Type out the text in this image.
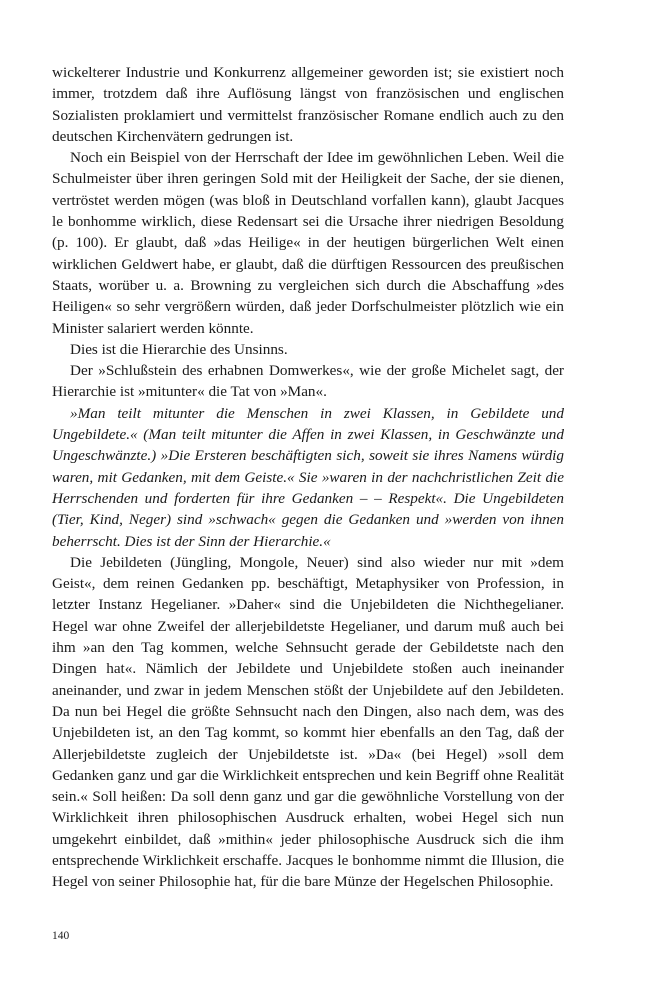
wickelterer Industrie und Konkurrenz allgemeiner geworden ist; sie existiert noch immer, trotzdem daß ihre Auflösung längst von französischen und englischen Sozialisten proklamiert und vermittelst französischer Romane endlich auch zu den deutschen Kirchenvätern gedrungen ist.

Noch ein Beispiel von der Herrschaft der Idee im gewöhnlichen Leben. Weil die Schulmeister über ihren geringen Sold mit der Heiligkeit der Sache, der sie dienen, vertröstet werden mögen (was bloß in Deutschland vorfallen kann), glaubt Jacques le bonhomme wirklich, diese Redensart sei die Ursache ihrer niedrigen Besoldung (p. 100). Er glaubt, daß »das Heilige« in der heutigen bürgerlichen Welt einen wirklichen Geldwert habe, er glaubt, daß die dürftigen Ressourcen des preußischen Staats, worüber u. a. Browning zu vergleichen sich durch die Abschaffung »des Heiligen« so sehr vergrößern würden, daß jeder Dorfschulmeister plötzlich wie ein Minister salariert werden könnte.

Dies ist die Hierarchie des Unsinns.

Der »Schlußstein des erhabnen Domwerkes«, wie der große Michelet sagt, der Hierarchie ist »mitunter« die Tat von »Man«.

»Man teilt mitunter die Menschen in zwei Klassen, in Gebildete und Ungebildete.« (Man teilt mitunter die Affen in zwei Klassen, in Geschwänzte und Ungeschwänzte.) »Die Ersteren beschäftigten sich, soweit sie ihres Namens würdig waren, mit Gedanken, mit dem Geiste.« Sie »waren in der nachchristlichen Zeit die Herrschenden und forderten für ihre Gedanken – – Respekt«. Die Ungebildeten (Tier, Kind, Neger) sind »schwach« gegen die Gedanken und »werden von ihnen beherrscht. Dies ist der Sinn der Hierarchie.«

Die Jebildeten (Jüngling, Mongole, Neuer) sind also wieder nur mit »dem Geist«, dem reinen Gedanken pp. beschäftigt, Metaphysiker von Profession, in letzter Instanz Hegelianer. »Daher« sind die Unjebildeten die Nichthegelianer. Hegel war ohne Zweifel der allerjebildetste Hegelianer, und darum muß auch bei ihm »an den Tag kommen, welche Sehnsucht gerade der Gebildetste nach den Dingen hat«. Nämlich der Jebildete und Unjebildete stoßen auch ineinander aneinander, und zwar in jedem Menschen stößt der Unjebildete auf den Jebildeten. Da nun bei Hegel die größte Sehnsucht nach den Dingen, also nach dem, was des Unjebildeten ist, an den Tag kommt, so kommt hier ebenfalls an den Tag, daß der Allerjebildetste zugleich der Unjebildetste ist. »Da« (bei Hegel) »soll dem Gedanken ganz und gar die Wirklichkeit entsprechen und kein Begriff ohne Realität sein.« Soll heißen: Da soll denn ganz und gar die gewöhnliche Vorstellung von der Wirklichkeit ihren philosophischen Ausdruck erhalten, wobei Hegel sich nun umgekehrt einbildet, daß »mithin« jeder philosophische Ausdruck sich die ihm entsprechende Wirklichkeit erschaffe. Jacques le bonhomme nimmt die Illusion, die Hegel von seiner Philosophie hat, für die bare Münze der Hegelschen Philosophie.

140
